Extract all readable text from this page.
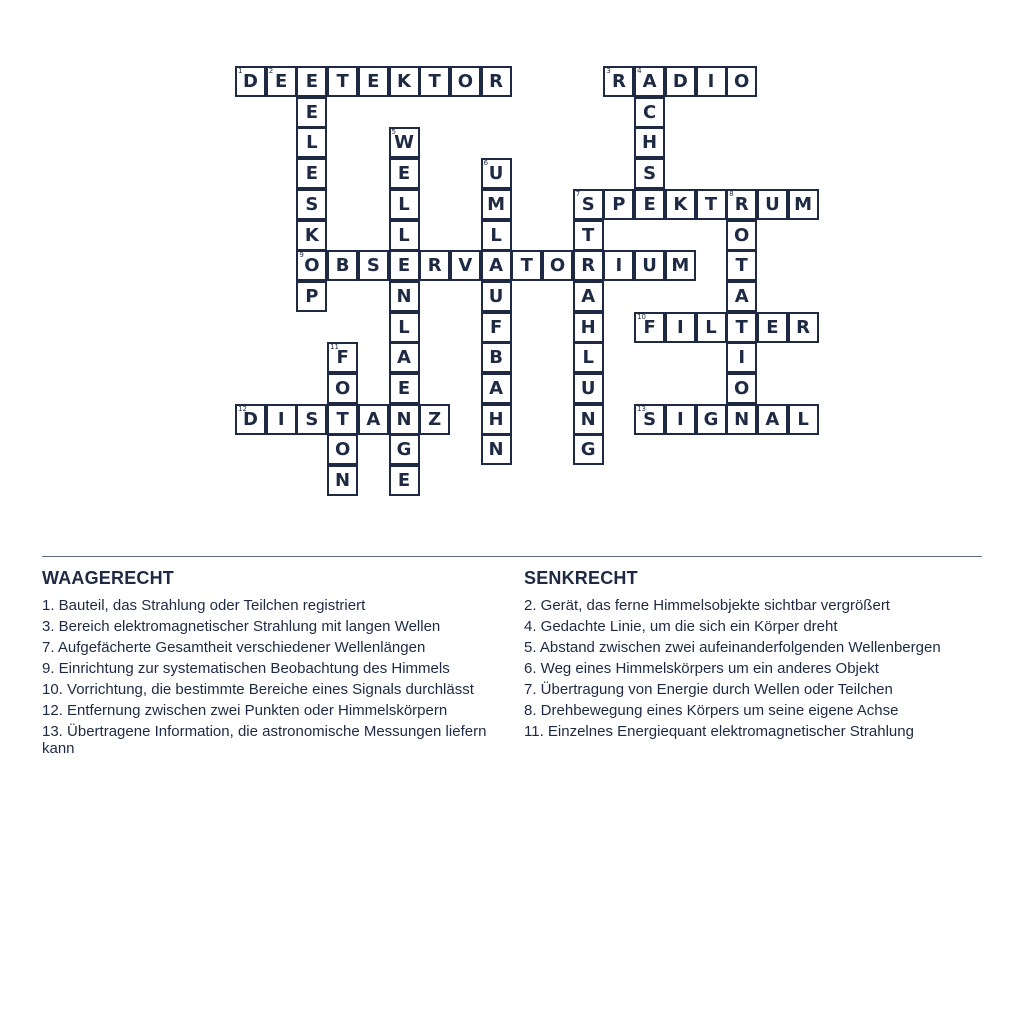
1 D	E	T	E K T O R
2 E
E
L
E
S
K
9 O
P
3 R	4 A D	I	O
C
H
S
5
W
E
L
L
E
N
L
A
E
N
G
E
6 U
M
L
A
U
F
B
A
H
N
7 S P E K T	8 R U M
T
R
A
H
L
U
N
G
O
T
A
T
I
O
B S	R V	T O	I	U M
10
F	I	L	E R
11
F
O
T
O
N
12
D	I	S	A	Z	13
S	I	G N A L
WAAGERECHT
1. Bauteil, das Strahlung oder Teilchen registriert
3. Bereich elektromagnetischer Strahlung mit langen Wellen
7. Aufgefächerte Gesamtheit verschiedener Wellenlängen
9. Einrichtung zur systematischen Beobachtung des Himmels
10. Vorrichtung, die bestimmte Bereiche eines Signals durchlässt
12. Entfernung zwischen zwei Punkten oder Himmelskörpern
13. Übertragene Information, die astronomische Messungen liefern kann
SENKRECHT
2. Gerät, das ferne Himmelsobjekte sichtbar vergrößert
4. Gedachte Linie, um die sich ein Körper dreht
5. Abstand zwischen zwei aufeinanderfolgenden Wellenbergen
6. Weg eines Himmelskörpers um ein anderes Objekt
7. Übertragung von Energie durch Wellen oder Teilchen
8. Drehbewegung eines Körpers um seine eigene Achse
11. Einzelnes Energiequant elektromagnetischer Strahlung
